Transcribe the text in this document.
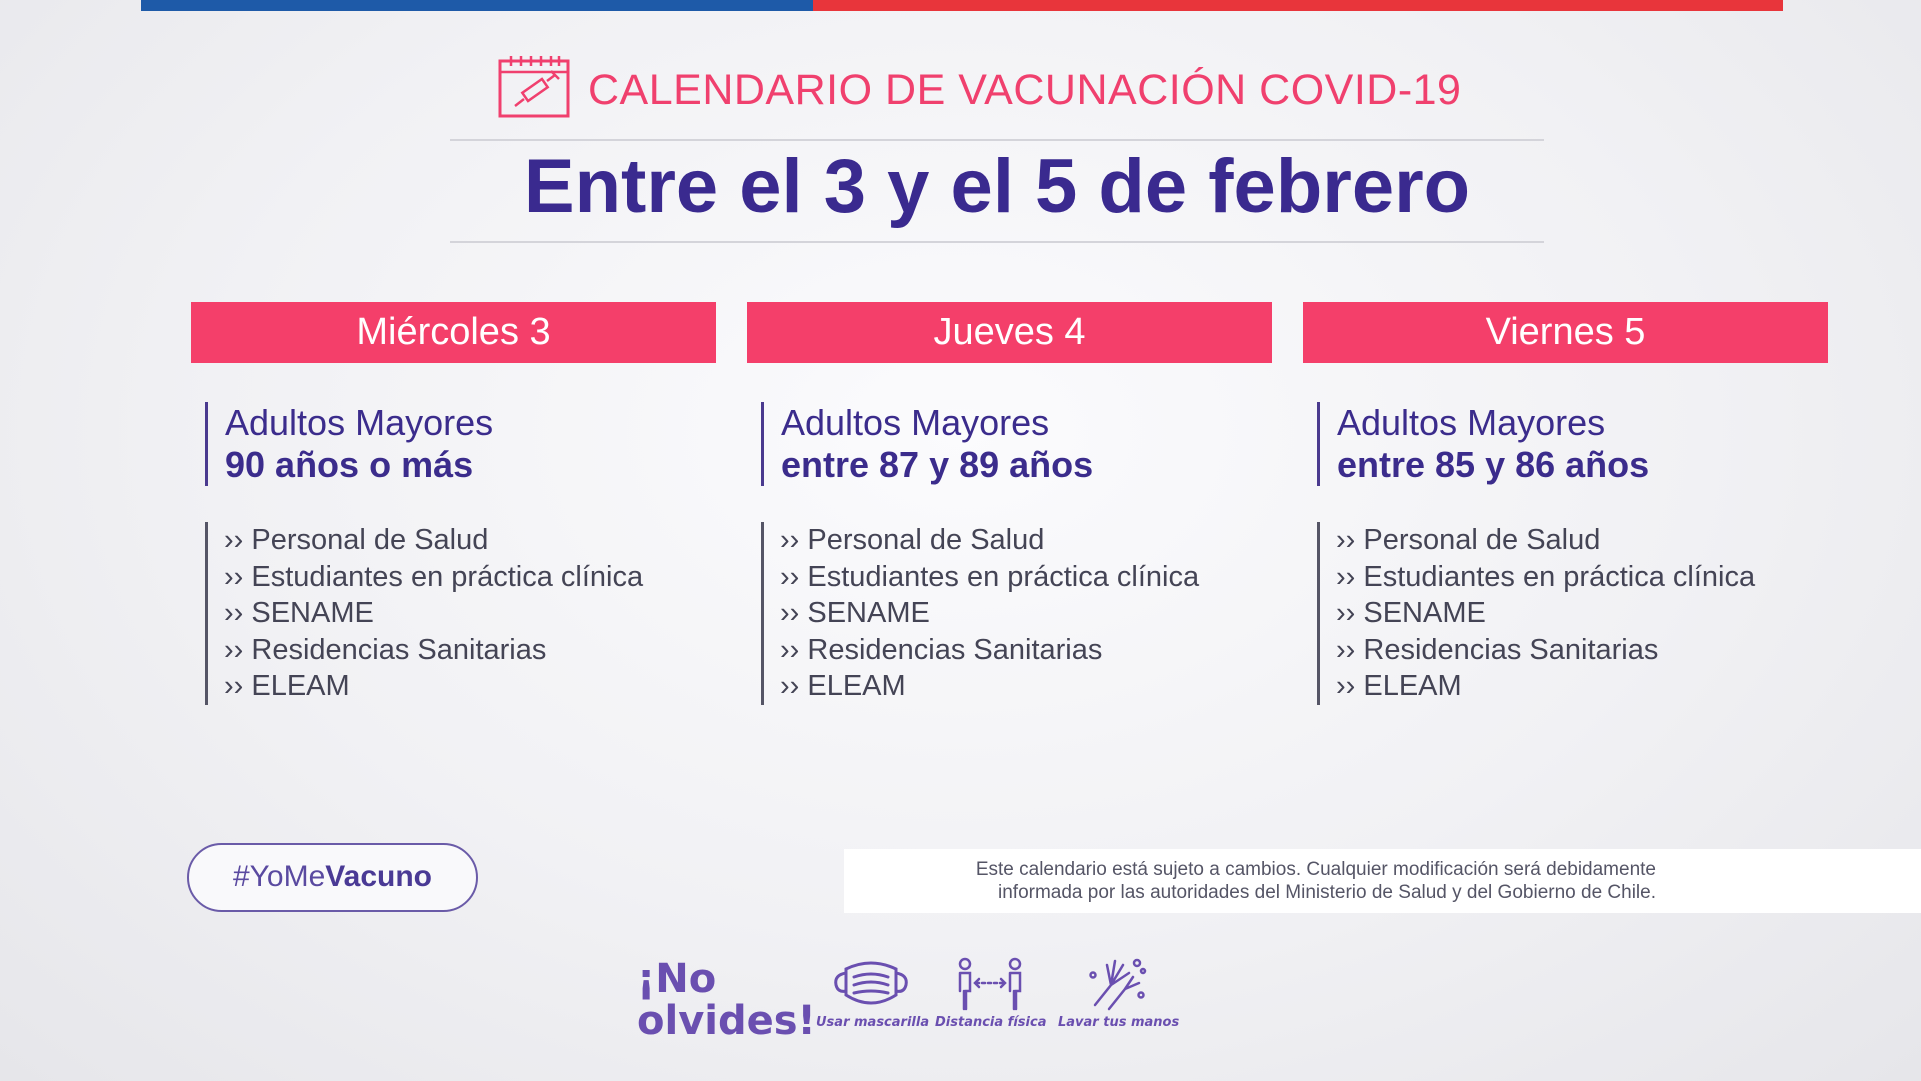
CALENDARIO DE VACUNACIÓN COVID-19
Entre el 3 y el 5 de febrero
Miércoles 3
Adultos Mayores
90 años o más
›› Personal de Salud
›› Estudiantes en práctica clínica
›› SENAME
›› Residencias Sanitarias
›› ELEAM
Jueves 4
Adultos Mayores
entre 87 y 89 años
›› Personal de Salud
›› Estudiantes en práctica clínica
›› SENAME
›› Residencias Sanitarias
›› ELEAM
Viernes 5
Adultos Mayores
entre 85 y 86 años
›› Personal de Salud
›› Estudiantes en práctica clínica
›› SENAME
›› Residencias Sanitarias
›› ELEAM
#YoMeVacuno	Este calendario está sujeto a cambios. Cualquier modificación será debidamente
informada por las autoridades del Ministerio de Salud y del Gobierno de Chile.
¡No
olvides! Usar mascarilla Distancia física Lavar tus manos
